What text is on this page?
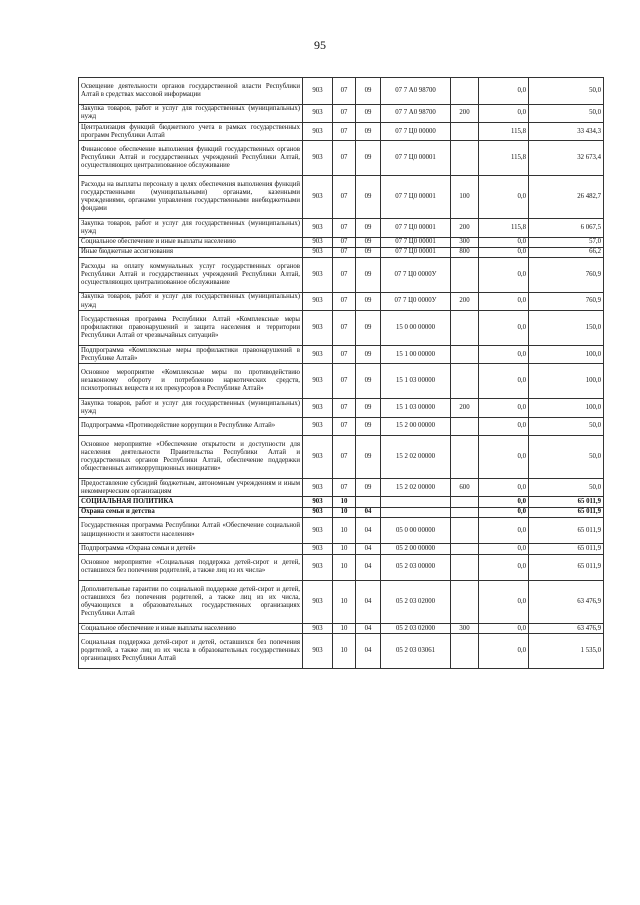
95
Освещение деятельности органов государственной власти Республики Алтай в средствах массовой информации	903	07	09	07 7 А0 98700		0,0	50,0
Закупка товаров, работ и услуг для государственных (муниципальных) нужд	903	07	09	07 7 А0 98700	200	0,0	50,0
Централизация функций бюджетного учета в рамках государственных программ Республики Алтай	903	07	09	07 7 Ц0 00000		115,8	33 434,3
Финансовое обеспечение выполнения функций государственных органов Республики Алтай и государственных учреждений Республики Алтай, осуществляющих централизованное обслуживание	903	07	09	07 7 Ц0 00001		115,8	32 673,4
Расходы на выплаты персоналу в целях обеспечения выполнения функций государственными (муниципальными) органами, казенными учреждениями, органами управления государственными внебюджетными фондами	903	07	09	07 7 Ц0 00001	100	0,0	26 482,7
Закупка товаров, работ и услуг для государственных (муниципальных) нужд	903	07	09	07 7 Ц0 00001	200	115,8	6 067,5
Социальное обеспечение и иные выплаты населению	903	07	09	07 7 Ц0 00001	300	0,0	57,0
Иные бюджетные ассигнования	903	07	09	07 7 Ц0 00001	800	0,0	66,2
Расходы на оплату коммунальных услуг государственных органов Республики Алтай и государственных учреждений Республики Алтай, осуществляющих централизованное обслуживание	903	07	09	07 7 Ц0 0000У		0,0	760,9
Закупка товаров, работ и услуг для государственных (муниципальных) нужд	903	07	09	07 7 Ц0 0000У	200	0,0	760,9
Государственная программа Республики Алтай «Комплексные меры профилактики правонарушений и защита населения и территории Республики Алтай от чрезвычайных ситуаций»	903	07	09	15 0 00 00000		0,0	150,0
Подпрограмма «Комплексные меры профилактики правонарушений в Республике Алтай»	903	07	09	15 1 00 00000		0,0	100,0
Основное мероприятие «Комплексные меры по противодействию незаконному обороту и потреблению наркотических средств, психотропных веществ и их прекурсоров в Республике Алтай»	903	07	09	15 1 03 00000		0,0	100,0
Закупка товаров, работ и услуг для государственных (муниципальных) нужд	903	07	09	15 1 03 00000	200	0,0	100,0
Подпрограмма «Противодействие коррупции в Республике Алтай»	903	07	09	15 2 00 00000		0,0	50,0
Основное мероприятие «Обеспечение открытости и доступности для населения деятельности Правительства Республики Алтай и государственных органов Республики Алтай, обеспечение поддержки общественных антикоррупционных инициатив»	903	07	09	15 2 02 00000		0,0	50,0
Предоставление субсидий бюджетным, автономным учреждениям и иным некоммерческим организациям	903	07	09	15 2 02 00000	600	0,0	50,0
СОЦИАЛЬНАЯ ПОЛИТИКА	903	10				0,0	65 011,9
Охрана семьи и детства	903	10	04			0,0	65 011,9
Государственная программа Республики Алтай «Обеспечение социальной защищенности и занятости населения»	903	10	04	05 0 00 00000		0,0	65 011,9
Подпрограмма «Охрана семьи и детей»	903	10	04	05 2 00 00000		0,0	65 011,9
Основное мероприятие «Социальная поддержка детей-сирот и детей, оставшихся без попечения родителей, а также лиц из их числа»	903	10	04	05 2 03 00000		0,0	65 011,9
Дополнительные гарантии по социальной поддержке детей-сирот и детей, оставшихся без попечения родителей, а также лиц из их числа, обучающихся в образовательных государственных организациях Республики Алтай	903	10	04	05 2 03 02000		0,0	63 476,9
Социальное обеспечение и иные выплаты населению	903	10	04	05 2 03 02000	300	0,0	63 476,9
Социальная поддержка детей-сирот и детей, оставшихся без попечения родителей, а также лиц из их числа в образовательных государственных организациях Республики Алтай	903	10	04	05 2 03 03061		0,0	1 535,0
